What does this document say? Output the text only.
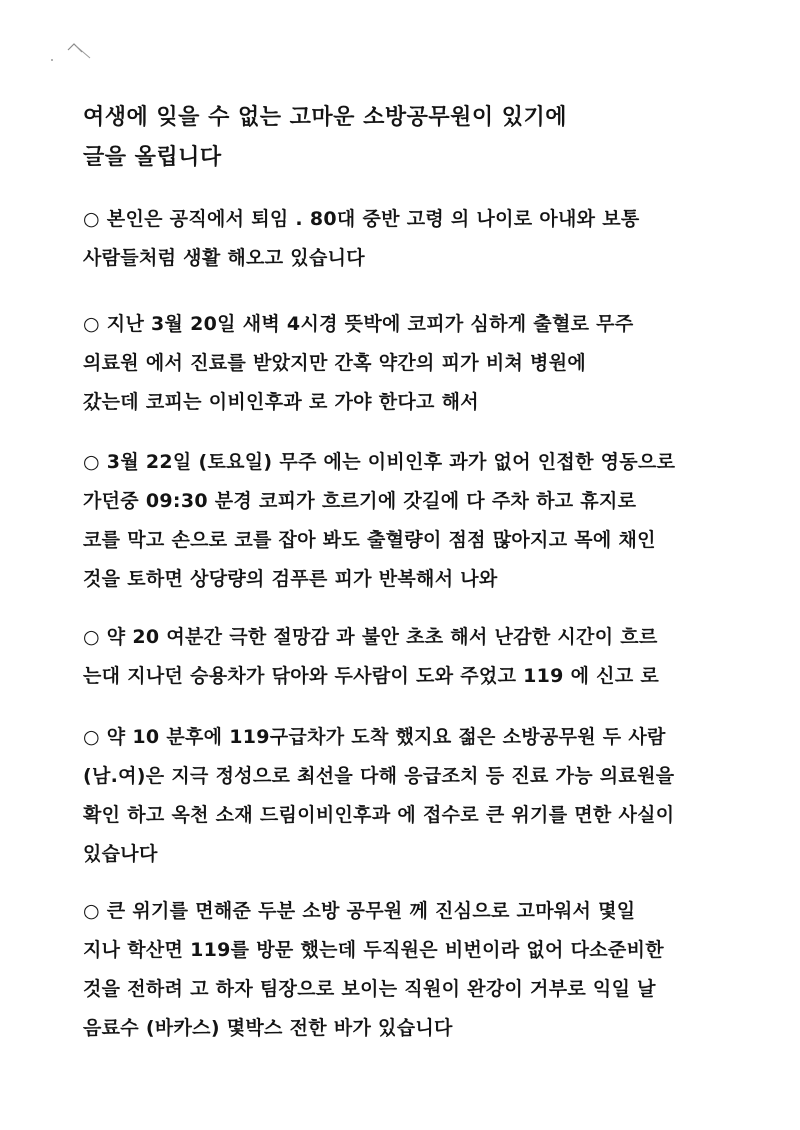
여생에 잊을 수 없는 고마운 소방공무원이 있기에
글을 올립니다
○ 본인은 공직에서 퇴임 . 80대 중반 고령 의 나이로 아내와 보통
사람들처럼 생활 해오고 있습니다
○ 지난 3월 20일 새벽 4시경 뜻박에 코피가 심하게 출혈로 무주
의료원 에서 진료를 받았지만 간혹 약간의 피가 비쳐 병원에
갔는데 코피는 이비인후과 로 가야 한다고 해서
○ 3월 22일 (토요일) 무주 에는 이비인후 과가 없어 인접한 영동으로
가던중 09:30 분경 코피가 흐르기에 갓길에 다 주차 하고 휴지로
코를 막고 손으로 코를 잡아 봐도 출혈량이 점점 많아지고 목에 채인
것을 토하면 상당량의 검푸른 피가 반복해서 나와
○ 약 20 여분간 극한 절망감 과 불안 초초 해서 난감한 시간이 흐르
는대 지나던 승용차가 닦아와 두사람이 도와 주었고 119 에 신고 로
○ 약 10 분후에 119구급차가 도착 했지요 젊은 소방공무원 두 사람
(남.여)은 지극 정성으로 최선을 다해 응급조치 등 진료 가능 의료원을
확인 하고 옥천 소재 드림이비인후과 에 접수로 큰 위기를 면한 사실이
있습나다
○ 큰 위기를 면해준 두분 소방 공무원 께 진심으로 고마워서 몇일
지나 학산면 119를 방문 했는데 두직원은 비번이라 없어 다소준비한
것을 전하려 고 하자 팀장으로 보이는 직원이 완강이 거부로 익일 날
음료수 (바카스) 몇박스 전한 바가 있습니다
